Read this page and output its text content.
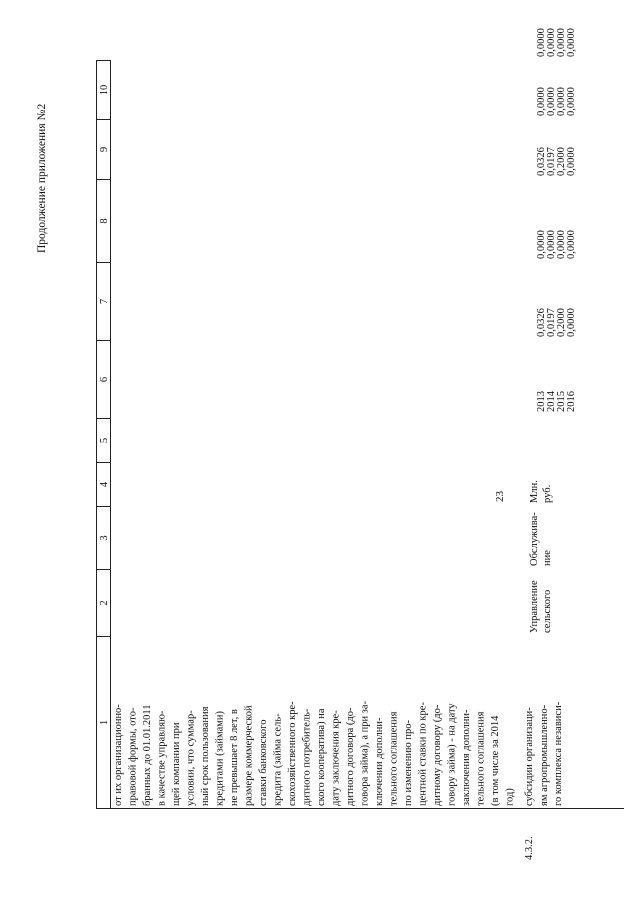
23
Продолжение приложения №2
1
2
3
4
5
6
7
8
9
10
от их организационно- правовой формы, ото- бранных до 01.01.2011 в качестве управляю- щей компании при условии, что суммар- ный срок пользования кредитами (займами) не превышает 8 лет, в размере коммерческой ставки банковского кредита (займа сель- скохозяйственного кре- дитного потребитель- ского кооператива) на дату заключения кре- дитного договора (до- говора займа), а при за- ключении дополни- тельного соглашения по изменению про- центной ставки по кре- дитному договору (до- говору займа) - на дату заключения дополни- тельного соглашения (в том числе за 2014 год)
4.3.2.
субсидии организаци- ям агропромышленно- го комплекса независи-
Управление сельского
Обслужива- ние
Млн. руб.
2013 2014 2015 2016
0,0326 0,0197 0,2000 0,0000
0,0000 0,0000 0,0000 0,0000
0,0326 0,0197 0,2000 0,0000
0,0000 0,0000 0,0000 0,0000
0,0000 0,0000 0,0000 0,0000
